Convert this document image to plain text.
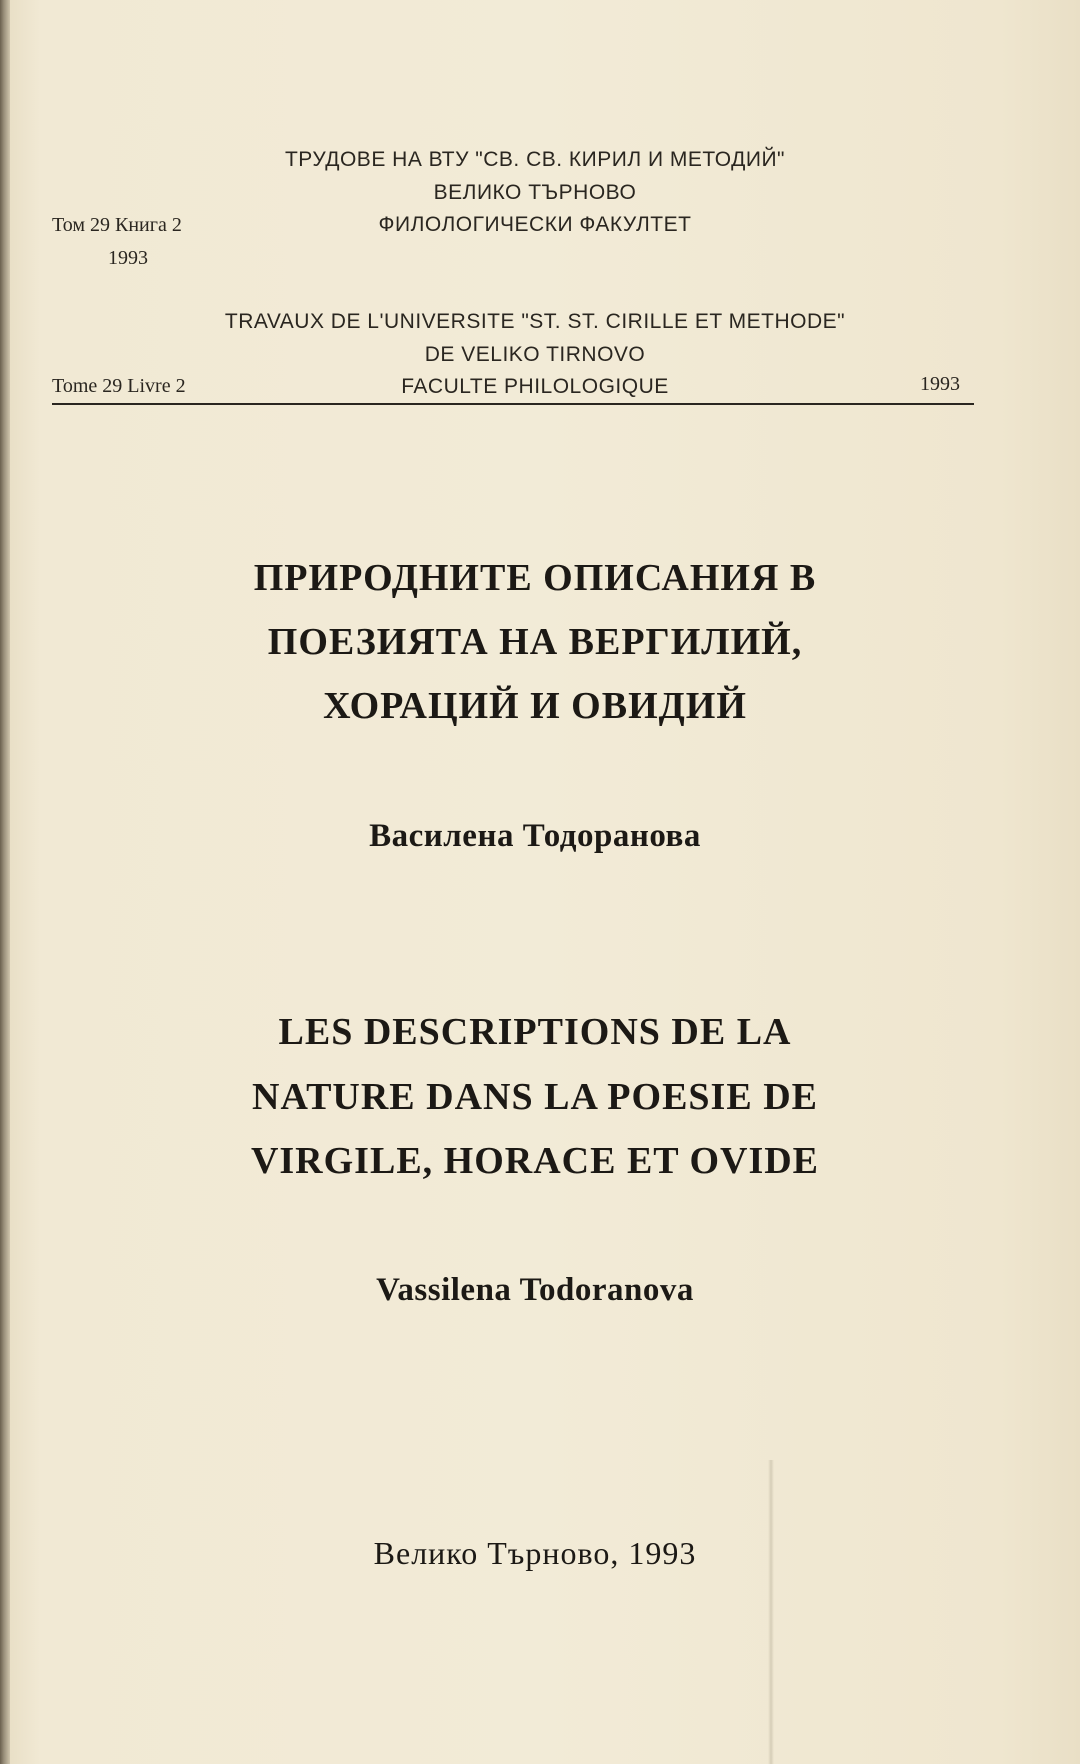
ТРУДОВЕ НА ВТУ "СВ. СВ. КИРИЛ И МЕТОДИЙ"
ВЕЛИКО ТЪРНОВО
ФИЛОЛОГИЧЕСКИ ФАКУЛТЕТ
Том 29 Книга 2
1993
TRAVAUX DE L'UNIVERSITE "ST. ST. CIRILLE ET METHODE"
DE VELIKO TIRNOVO
FACULTE PHILOLOGIQUE
Tome 29 Livre 2	1993
ПРИРОДНИТЕ ОПИСАНИЯ В
ПОЕЗИЯТА НА ВЕРГИЛИЙ,
ХОРАЦИЙ И ОВИДИЙ
Василена Тодоранова
LES DESCRIPTIONS DE LA
NATURE DANS LA POESIE DE
VIRGILE, HORACE ET OVIDE
Vassilena Todoranova
Велико Търново, 1993
